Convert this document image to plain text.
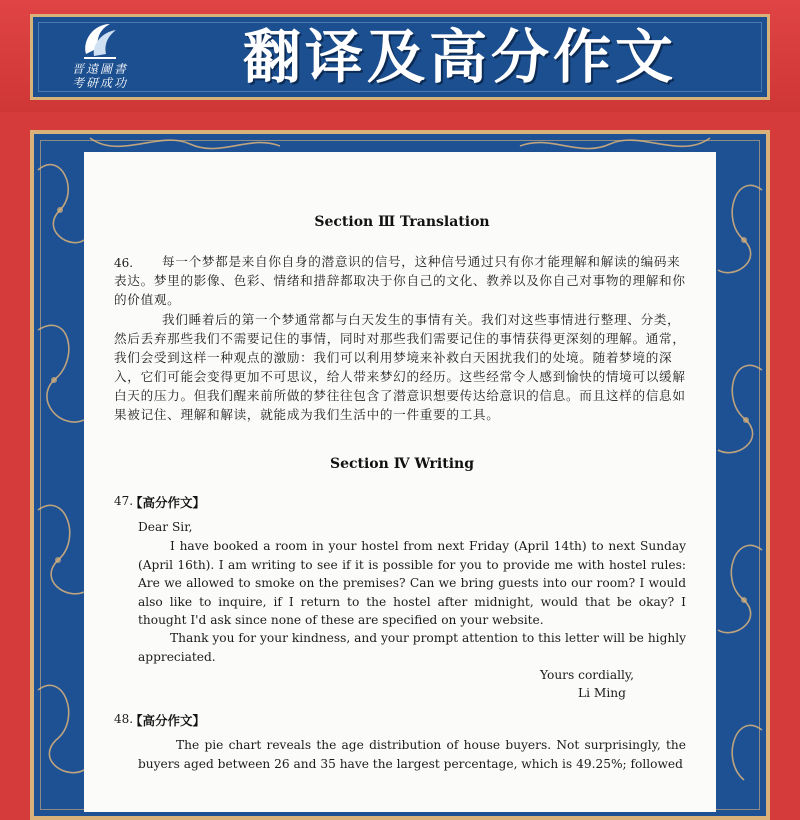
晋遠圖書
考研成功	翻译及高分作文
Section Ⅲ Translation
46.	每一个梦都是来自你自身的潜意识的信号，这种信号通过只有你才能理解和解读的编码来表达。梦里的影像、色彩、情绪和措辞都取决于你自己的文化、教养以及你自己对事物的理解和你的价值观。

我们睡着后的第一个梦通常都与白天发生的事情有关。我们对这些事情进行整理、分类，然后丢弃那些我们不需要记住的事情，同时对那些我们需要记住的事情获得更深刻的理解。通常，我们会受到这样一种观点的激励：我们可以利用梦境来补救白天困扰我们的处境。随着梦境的深入，它们可能会变得更加不可思议，给人带来梦幻的经历。这些经常令人感到愉快的情境可以缓解白天的压力。但我们醒来前所做的梦往往包含了潜意识想要传达给意识的信息。而且这样的信息如果被记住、理解和解读，就能成为我们生活中的一件重要的工具。

Section Ⅳ Writing
47.
【高分作文】

Dear Sir,

I have booked a room in your hostel from next Friday (April 14th) to next Sunday (April 16th). I am writing to see if it is possible for you to provide me with hostel rules: Are we allowed to smoke on the premises? Can we bring guests into our room? I would also like to inquire, if I return to the hostel after midnight, would that be okay? I thought I'd ask since none of these are specified on your website.

Thank you for your kindness, and your prompt attention to this letter will be highly appreciated.

Yours cordially,

Li Ming

48.
【高分作文】

The pie chart reveals the age distribution of house buyers. Not surprisingly, the buyers aged between 26 and 35 have the largest percentage, which is 49.25%; followed
